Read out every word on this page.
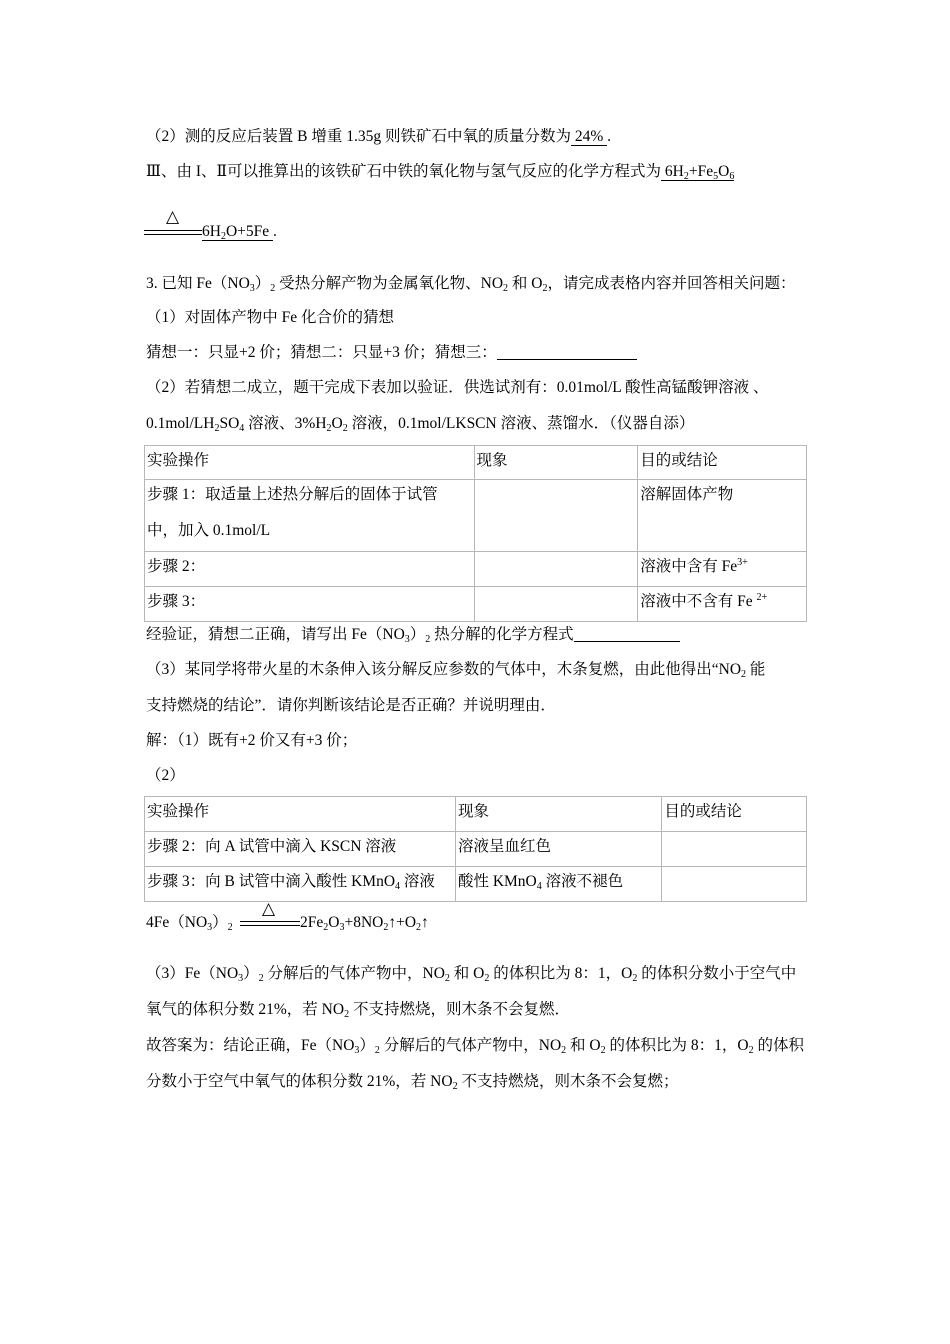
（2）测的反应后装置 B 增重 1.35g 则铁矿石中氧的质量分数为 24% .
Ⅲ、由 I、Ⅱ可以推算出的该铁矿石中铁的氧化物与氢气反应的化学方程式为 $6H_2+Fe_5O_6$
△
$6H_2O+5Fe$ .
3. 已知 $Fe(NO_3)_2$ 受热分解产物为金属氧化物、$NO_2$ 和 $O_2$，请完成表格内容并回答相关问题：
（1）对固体产物中 Fe 化合价的猜想
猜想一：只显+2 价；猜想二：只显+3 价；猜想三：
（2）若猜想二成立，题干完成下表加以验证．供选试剂有：0.01mol/L 酸性高锰酸钾溶液 、
$0.1mol/LH_2SO_4$ 溶液、$3\%H_2O_2$ 溶液，0.1mol/LKSCN 溶液、蒸馏水．（仪器自添）
实验操作	现象	目的或结论

步骤 1：取适量上述热分解后的固体于试管
中，加入 0.1mol/L		溶解固体产物
步骤 2：		溶液中含有 $Fe^{3+}$
步骤 3：		溶液中不含有 Fe $^{2+}$
经验证，猜想二正确，请写出 $Fe(NO_3)_2$ 热分解的化学方程式
（3）某同学将带火星的木条伸入该分解反应参数的气体中，木条复燃，由此他得出“$NO_2$ 能
支持燃烧的结论”．请你判断该结论是否正确？并说明理由．
解：（1）既有+2 价又有+3 价；
（2）
实验操作	现象	目的或结论
步骤 2：向 A 试管中滴入 KSCN 溶液	溶液呈血红色	
步骤 3：向 B 试管中滴入酸性 KMnO$_4$ 溶液	酸性 KMnO$_4$ 溶液不褪色	
△
$4Fe(NO_3)_2$	$2Fe_2O_3+8NO_2↑+O_2↑$
$(3)Fe(NO_3)_2$ 分解后的气体产物中，$NO_2$ 和 $O_2$ 的体积比为 8：1，$O_2$ 的体积分数小于空气中
氧气的体积分数 21%，若 $NO_2$ 不支持燃烧，则木条不会复燃．
故答案为：结论正确，$Fe(NO_3)_2$ 分解后的气体产物中，$NO_2$ 和 $O_2$ 的体积比为 8：1，$O_2$ 的体积
分数小于空气中氧气的体积分数 21%，若 $NO_2$ 不支持燃烧，则木条不会复燃；
